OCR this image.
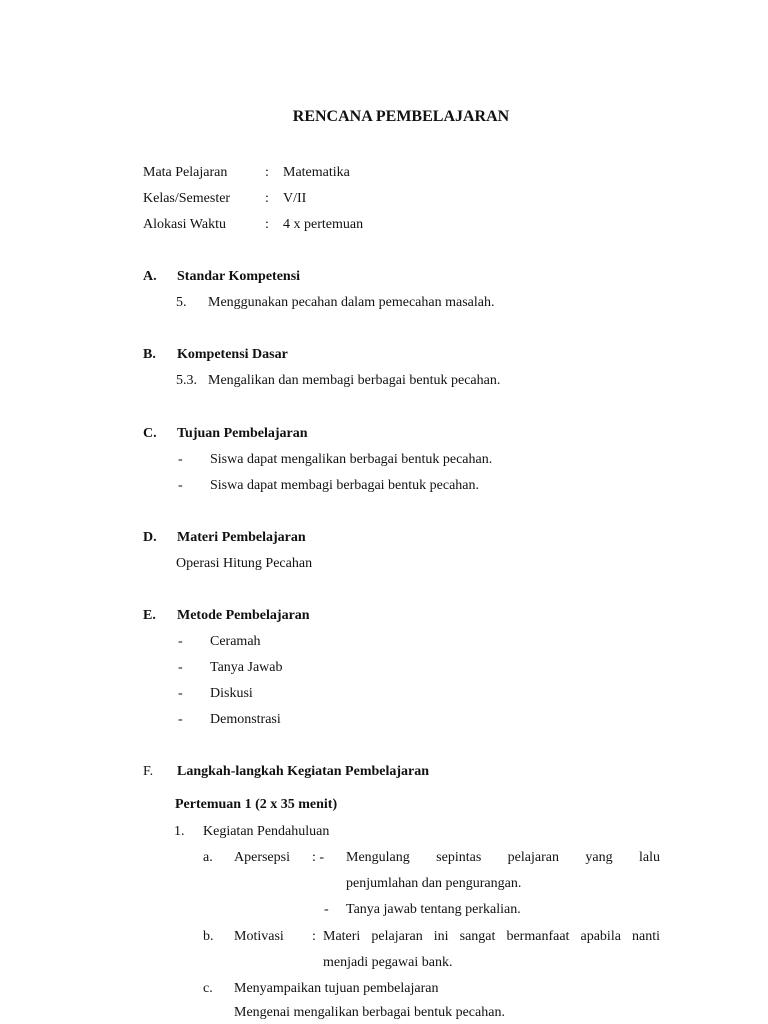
RENCANA PEMBELAJARAN
Mata Pelajaran	: Matematika
Kelas/Semester : V/II
Alokasi Waktu	: 4 x pertemuan
A. Standar Kompetensi
5. Menggunakan pecahan dalam pemecahan masalah.
B. Kompetensi Dasar
5.3. Mengalikan dan membagi berbagai bentuk pecahan.
C. Tujuan Pembelajaran
- Siswa dapat mengalikan berbagai bentuk pecahan.
- Siswa dapat membagi berbagai bentuk pecahan.
D. Materi Pembelajaran
Operasi Hitung Pecahan
E. Metode Pembelajaran
- Ceramah
- Tanya Jawab
- Diskusi
- Demonstrasi
F. Langkah-langkah Kegiatan Pembelajaran
Pertemuan 1 (2 x 35 menit)
1. Kegiatan Pendahuluan
a. Apersepsi : - Mengulang sepintas pelajaran yang lalu
penjumlahan dan pengurangan.
- Tanya jawab tentang perkalian.
b. Motivasi : Materi pelajaran ini sangat bermanfaat apabila nanti
menjadi pegawai bank.
c. Menyampaikan tujuan pembelajaran
Mengenai mengalikan berbagai bentuk pecahan.
